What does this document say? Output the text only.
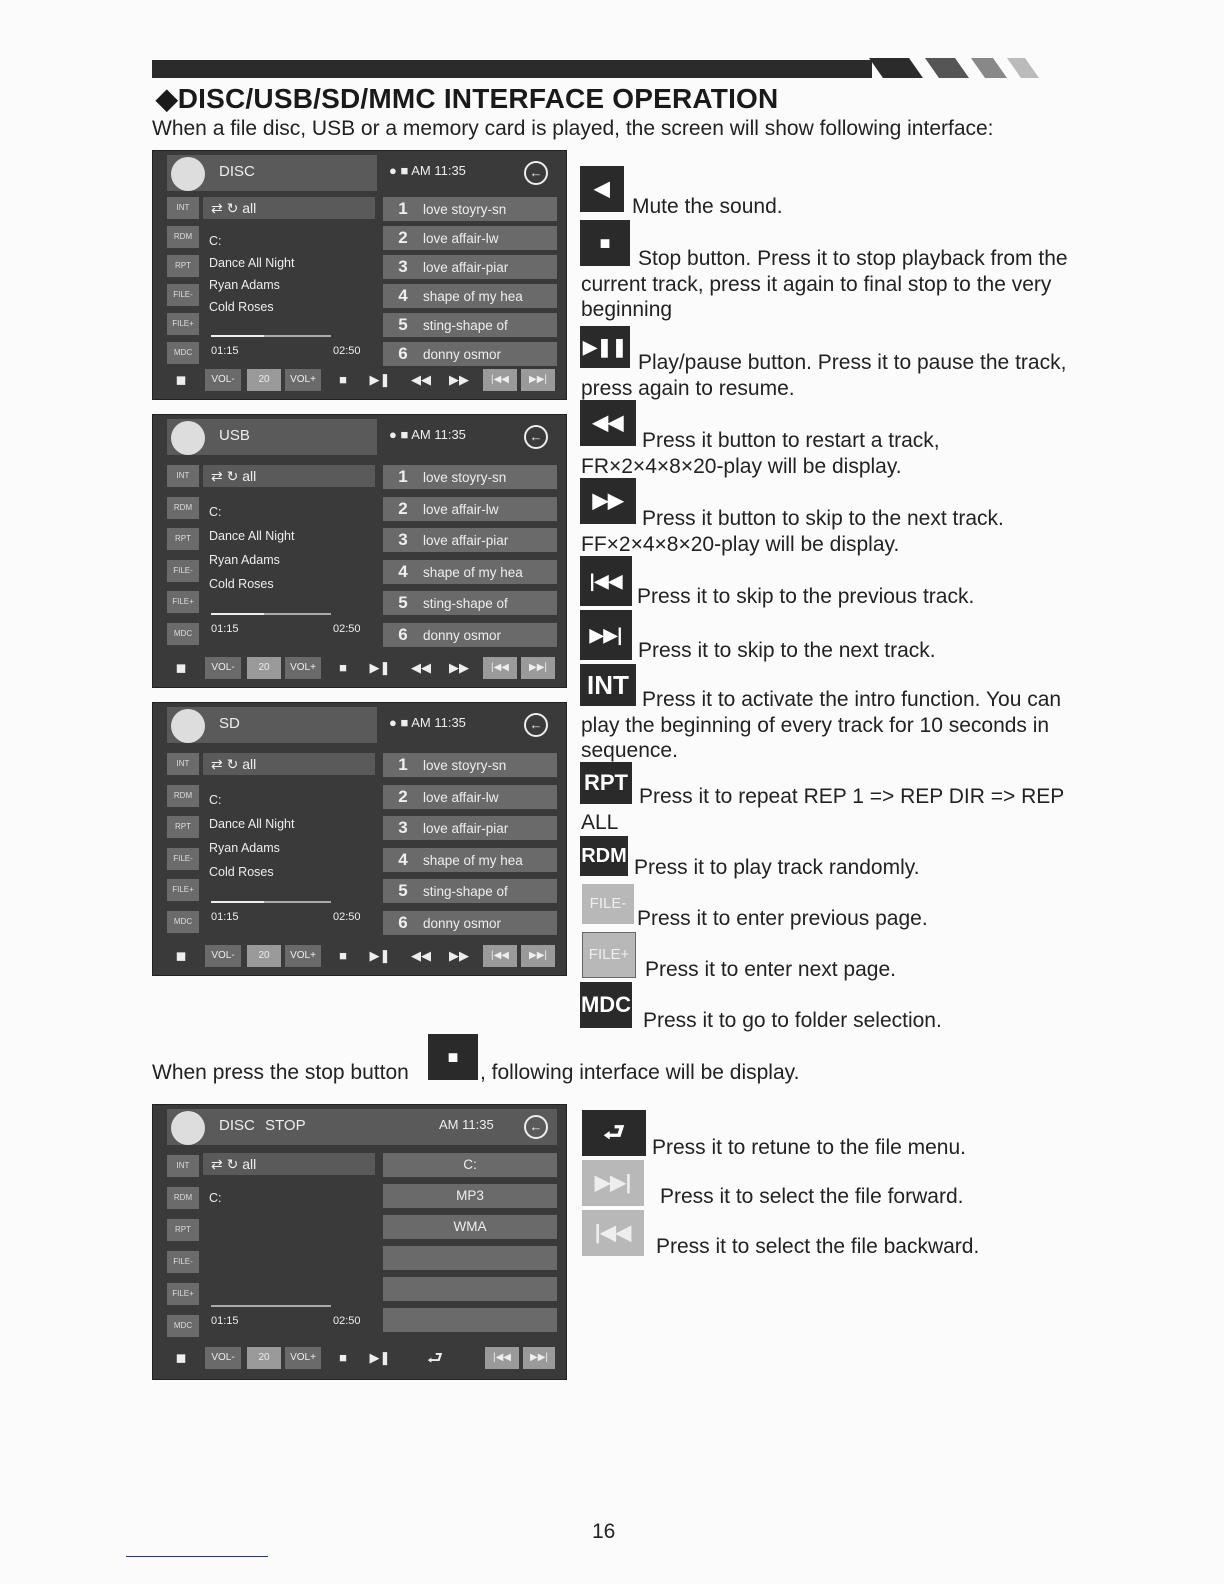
◆DISC/USB/SD/MMC INTERFACE OPERATION
When a file disc, USB or a memory card is played, the screen will show following interface:
DISC	● ■ AM 11:35	←
INT
RDM
RPT
FILE-
FILE+
MDC
⇄ ↻ all
C:
Dance All Night
Ryan Adams
Cold Roses
01:15	02:50
1 love stoyry-sn
2 love affair-lw
3 love affair-piar
4 shape of my hea
5 sting-shape of
6 donny osmor
◼	VOL-	20	VOL+	■	▶❚	◀◀	▶▶	|◀◀	▶▶|
USB	● ■ AM 11:35	←
INT
RDM
RPT
FILE-
FILE+
MDC
⇄ ↻ all
C:
Dance All Night
Ryan Adams
Cold Roses
01:15	02:50
1 love stoyry-sn
2 love affair-lw
3 love affair-piar
4 shape of my hea
5 sting-shape of
6 donny osmor
◼	VOL-	20	VOL+	■	▶❚	◀◀	▶▶	|◀◀	▶▶|
SD	● ■ AM 11:35	←
INT
RDM
RPT
FILE-
FILE+
MDC
⇄ ↻ all
C:
Dance All Night
Ryan Adams
Cold Roses
01:15	02:50
1 love stoyry-sn
2 love affair-lw
3 love affair-piar
4 shape of my hea
5 sting-shape of
6 donny osmor
◼	VOL-	20	VOL+	■	▶❚	◀◀	▶▶	|◀◀	▶▶|
DISC STOP	AM 11:35	←
INT
RDM
RPT
FILE-
FILE+
MDC
⇄ ↻ all
C:
C:
MP3
WMA
01:15	02:50
◼	VOL-	20	VOL+	■	▶❚	⮐	|◀◀	▶▶|
◀
Mute the sound.
■
Stop button. Press it to stop playback from the
current track, press it again to final stop to the very
beginning
▶❚❚
Play/pause button. Press it to pause the track,
press again to resume.
◀◀
Press it button to restart a track,
FR×2×4×8×20-play will be display.
▶▶
Press it button to skip to the next track.
FF×2×4×8×20-play will be display.
|◀◀
Press it to skip to the previous track.
▶▶|
Press it to skip to the next track.
INT Press it to activate the intro function. You can
play the beginning of every track for 10 seconds in
sequence.
RPT
Press it to repeat REP 1 => REP DIR => REP
ALL
RDM Press it to play track randomly.
FILE-
Press it to enter previous page.
FILE+
Press it to enter next page.
MDC
Press it to go to folder selection.
When press the stop button
■
, following interface will be display.
⮐
Press it to retune to the file menu.
▶▶|
Press it to select the file forward.
|◀◀
Press it to select the file backward.
16
